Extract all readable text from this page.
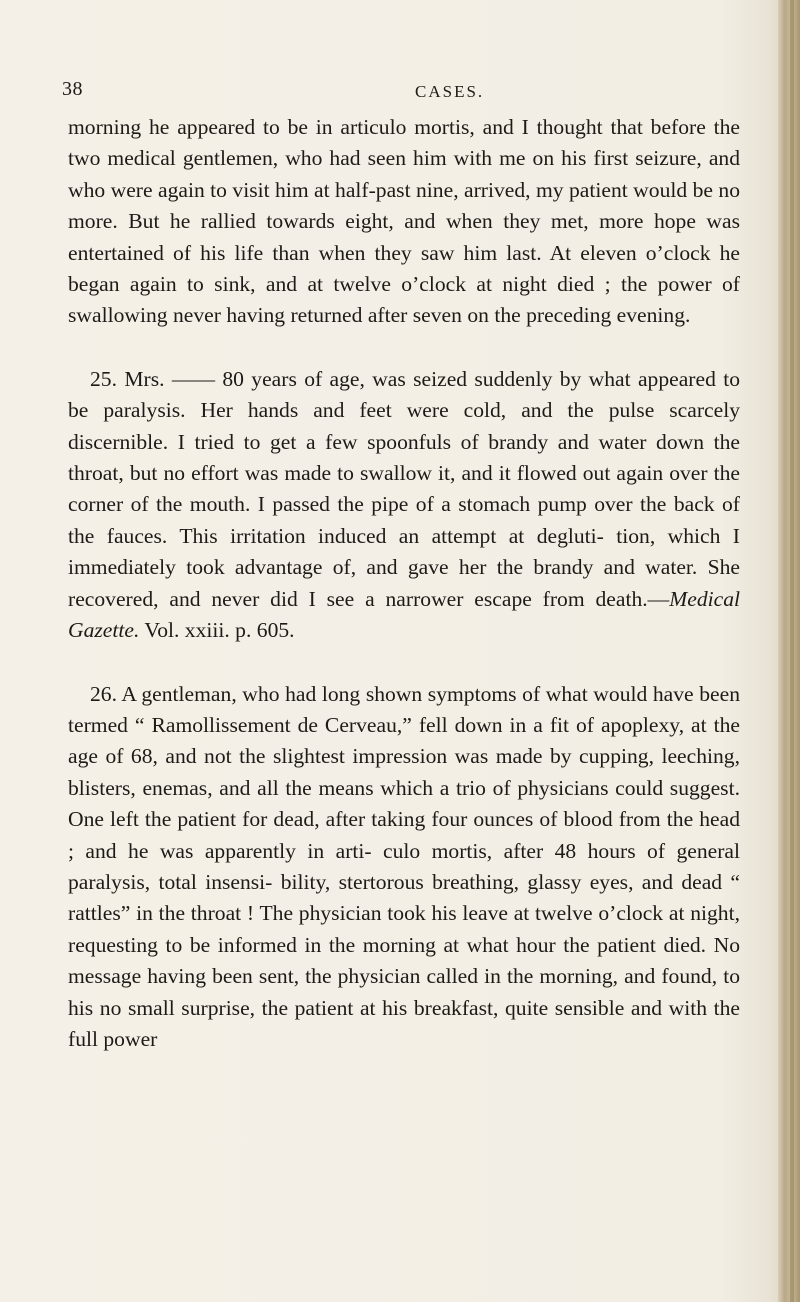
38	CASES.

morning he appeared to be in articulo mortis, and I thought that before the two medical gentlemen, who had seen him with me on his first seizure, and who were again to visit him at half-past nine, arrived, my patient would be no more. But he rallied towards eight, and when they met, more hope was entertained of his life than when they saw him last. At eleven o’clock he began again to sink, and at twelve o’clock at night died ; the power of swallowing never having returned after seven on the preceding evening.

25. Mrs. —— 80 years of age, was seized suddenly by what appeared to be paralysis. Her hands and feet were cold, and the pulse scarcely discernible. I tried to get a few spoonfuls of brandy and water down the throat, but no effort was made to swallow it, and it flowed out again over the corner of the mouth. I passed the pipe of a stomach pump over the back of the fauces. This irritation induced an attempt at degluti- tion, which I immediately took advantage of, and gave her the brandy and water. She recovered, and never did I see a narrower escape from death.—Medical Gazette. Vol. xxiii. p. 605.

26. A gentleman, who had long shown symptoms of what would have been termed “ Ramollissement de Cerveau,” fell down in a fit of apoplexy, at the age of 68, and not the slightest impression was made by cupping, leeching, blisters, enemas, and all the means which a trio of physicians could suggest. One left the patient for dead, after taking four ounces of blood from the head ; and he was apparently in arti- culo mortis, after 48 hours of general paralysis, total insensi- bility, stertorous breathing, glassy eyes, and dead “ rattles” in the throat ! The physician took his leave at twelve o’clock at night, requesting to be informed in the morning at what hour the patient died. No message having been sent, the physician called in the morning, and found, to his no small surprise, the patient at his breakfast, quite sensible and with the full power
